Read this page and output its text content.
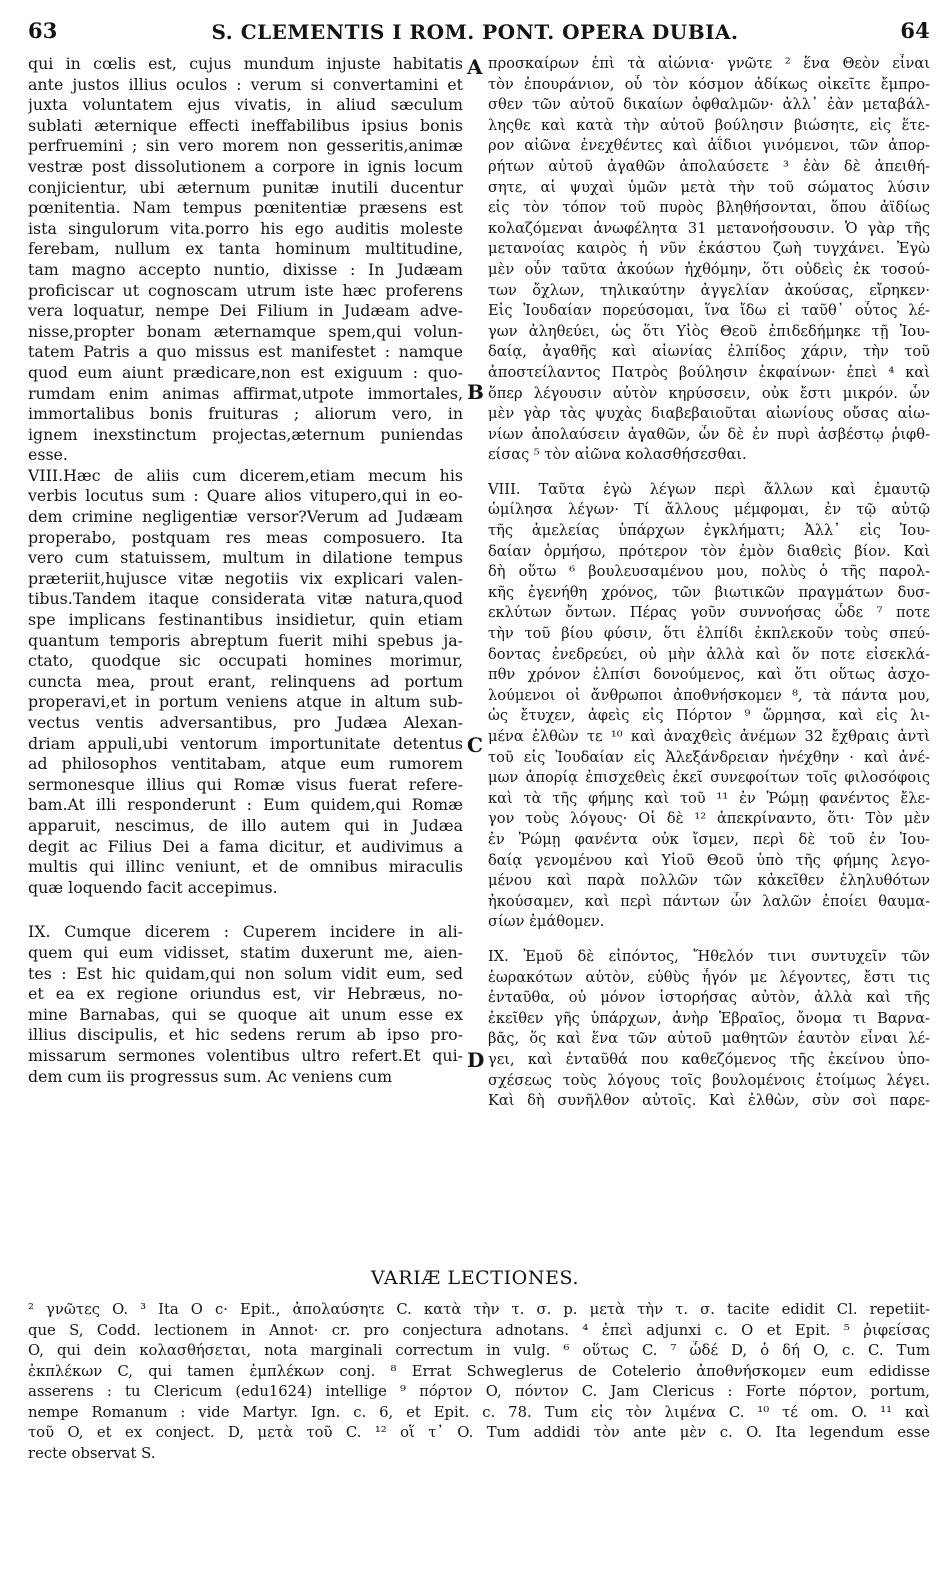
63	S. CLEMENTIS I ROM. PONT. OPERA DUBIA.	64
qui in cœlis est, cujus mundum injuste habitatis
ante justos illius oculos : verum si convertamini et
juxta voluntatem ejus vivatis, in aliud sæculum
sublati æternique effecti ineffabilibus ipsius bonis
perfruemini ; sin vero morem non gesseritis,animæ
vestræ post dissolutionem a corpore in ignis locum
conjicientur, ubi æternum punitæ inutili ducentur
pœnitentia. Nam tempus pœnitentiæ præsens est
ista singulorum vita.porro his ego auditis moleste
ferebam, nullum ex tanta hominum multitudine,
tam magno accepto nuntio, dixisse : In Judæam
proficiscar ut cognoscam utrum iste hæc proferens
vera loquatur, nempe Dei Filium in Judæam adve-
nisse,propter bonam æternamque spem,qui volun-
tatem Patris a quo missus est manifestet : namque
quod eum aiunt prædicare,non est exiguum : quo-
rumdam enim animas affirmat,utpote immortales,
immortalibus bonis fruituras ; aliorum vero, in
ignem inexstinctum projectas,æternum puniendas
esse.
VIII.Hæc de aliis cum dicerem,etiam mecum his
verbis locutus sum : Quare alios vitupero,qui in eo-
dem crimine negligentiæ versor?Verum ad Judæam
properabo, postquam res meas composuero. Ita
vero cum statuissem, multum in dilatione tempus
præteriit,hujusce vitæ negotiis vix explicari valen-
tibus.Tandem itaque considerata vitæ natura,quod
spe implicans festinantibus insidietur, quin etiam
quantum temporis abreptum fuerit mihi spebus ja-
ctato, quodque sic occupati homines morimur,
cuncta mea, prout erant, relinquens ad portum
properavi,et in portum veniens atque in altum sub-
vectus ventis adversantibus, pro Judæa Alexan-
driam appuli,ubi ventorum importunitate detentus
ad philosophos ventitabam, atque eum rumorem
sermonesque illius qui Romæ visus fuerat refere-
bam.At illi responderunt : Eum quidem,qui Romæ
apparuit, nescimus, de illo autem qui in Judæa
degit ac Filius Dei a fama dicitur, et audivimus a
multis qui illinc veniunt, et de omnibus miraculis
quæ loquendo facit accepimus.
IX. Cumque dicerem : Cuperem incidere in ali-
quem qui eum vidisset, statim duxerunt me, aien-
tes : Est hic quidam,qui non solum vidit eum, sed
et ea ex regione oriundus est, vir Hebræus, no-
mine Barnabas, qui se quoque ait unum esse ex
illius discipulis, et hic sedens rerum ab ipso pro-
missarum sermones volentibus ultro refert.Et qui-
dem cum iis progressus sum. Ac veniens cum
προσκαίρων ἐπὶ τὰ αἰώνια· γνῶτε ² ἕνα Θεὸν εἶναι
τὸν ἐπουράνιον, οὗ τὸν κόσμον ἀδίκως οἰκεῖτε ἔμπρο-
σθεν τῶν αὐτοῦ δικαίων ὀφθαλμῶν· ἀλλ᾽ ἐὰν μεταβάλ-
ληςθε καὶ κατὰ τὴν αὐτοῦ βούλησιν βιώσητε, εἰς ἕτε-
ρον αἰῶνα ἐνεχθέντες καὶ ἀΐδιοι γινόμενοι, τῶν ἀπορ-
ρήτων αὐτοῦ ἀγαθῶν ἀπολαύσετε ³ ἐὰν δὲ ἀπειθή-
σητε, αἱ ψυχαὶ ὑμῶν μετὰ τὴν τοῦ σώματος λύσιν
εἰς τὸν τόπον τοῦ πυρὸς βληθήσονται, ὅπου ἀϊδίως
κολαζόμεναι ἀνωφέλητα 31 μετανοήσουσιν. Ὁ γὰρ τῆς
μετανοίας καιρὸς ἡ νῦν ἑκάστου ζωὴ τυγχάνει. Ἐγὼ
μὲν οὖν ταῦτα ἀκούων ἠχθόμην, ὅτι οὐδεὶς ἐκ τοσού-
των ὄχλων, τηλικαύτην ἀγγελίαν ἀκούσας, εἴρηκεν·
Εἰς Ἰουδαίαν πορεύσομαι, ἵνα ἴδω εἰ ταῦθ᾽ οὗτος λέ-
γων ἀληθεύει, ὡς ὅτι Υἱὸς Θεοῦ ἐπιδεδήμηκε τῇ Ἰου-
δαίᾳ, ἀγαθῆς καὶ αἰωνίας ἐλπίδος χάριν, τὴν τοῦ
ἀποστείλαντος Πατρὸς βούλησιν ἐκφαίνων· ἐπεὶ ⁴ καὶ
ὅπερ λέγουσιν αὐτὸν κηρύσσειν, οὐκ ἔστι μικρόν. ὧν
μὲν γὰρ τὰς ψυχὰς διαβεβαιοῦται αἰωνίους οὔσας αἰω-
νίων ἀπολαύσειν ἀγαθῶν, ὧν δὲ ἐν πυρὶ ἀσβέστῳ ῥιφθ-
είσας ⁵ τὸν αἰῶνα κολασθήσεσθαι.
VIII. Ταῦτα ἐγὼ λέγων περὶ ἄλλων καὶ ἐμαυτῷ
ὡμίλησα λέγων· Τί ἄλλους μέμφομαι, ἐν τῷ αὐτῷ
τῆς ἀμελείας ὑπάρχων ἐγκλήματι; Ἀλλ᾽ εἰς Ἰου-
δαίαν ὁρμήσω, πρότερον τὸν ἐμὸν διαθεὶς βίον. Καὶ
δὴ οὕτω ⁶ βουλευσαμένου μου, πολὺς ὁ τῆς παρολ-
κῆς ἐγενήθη χρόνος, τῶν βιωτικῶν πραγμάτων δυσ-
εκλύτων ὄντων. Πέρας γοῦν συννοήσας ὧδε ⁷ ποτε
τὴν τοῦ βίου φύσιν, ὅτι ἐλπίδι ἐκπλεκοῦν τοὺς σπεύ-
δοντας ἐνεδρεύει, οὐ μὴν ἀλλὰ καὶ ὅν ποτε εἰσεκλά-
πθν χρόνον ἐλπίσι δονούμενος, καὶ ὅτι οὕτως ἀσχο-
λούμενοι οἱ ἄνθρωποι ἀποθνήσκομεν ⁸, τὰ πάντα μου,
ὡς ἔτυχεν, ἀφεὶς εἰς Πόρτον ⁹ ὥρμησα, καὶ εἰς λι-
μένα ἐλθὼν τε ¹⁰ καὶ ἀναχθεὶς ἀνέμων 32 ἔχθραις ἀντὶ
τοῦ εἰς Ἰουδαίαν εἰς Ἀλεξάνδρειαν ἠνέχθην · καὶ ἀνέ-
μων ἀπορίᾳ ἐπισχεθεὶς ἐκεῖ συνεφοίτων τοῖς φιλοσόφοις
καὶ τὰ τῆς φήμης καὶ τοῦ ¹¹ ἐν Ῥώμῃ φανέντος ἔλε-
γον τοὺς λόγους· Οἱ δὲ ¹² ἀπεκρίναντο, ὅτι· Τὸν μὲν
ἐν Ῥώμῃ φανέντα οὐκ ἴσμεν, περὶ δὲ τοῦ ἐν Ἰου-
δαίᾳ γενομένου καὶ Υἱοῦ Θεοῦ ὑπὸ τῆς φήμης λεγο-
μένου καὶ παρὰ πολλῶν τῶν κἀκεῖθεν ἐληλυθότων
ἠκούσαμεν, καὶ περὶ πάντων ὧν λαλῶν ἐποίει θαυμα-
σίων ἐμάθομεν.
IX. Ἐμοῦ δὲ εἰπόντος, Ἤθελόν τινι συντυχεῖν τῶν
ἑωρακότων αὐτὸν, εὐθὺς ἦγόν με λέγοντες, ἔστι τις
ἐνταῦθα, οὐ μόνον ἱστορήσας αὐτὸν, ἀλλὰ καὶ τῆς
ἐκεῖθεν γῆς ὑπάρχων, ἀνὴρ Ἑβραῖος, ὄνομα τι Βαρνα-
βᾶς, ὅς καὶ ἕνα τῶν αὐτοῦ μαθητῶν ἑαυτὸν εἶναι λέ-
γει, καὶ ἐνταῦθά που καθεζόμενος τῆς ἐκείνου ὑπο-
σχέσεως τοὺς λόγους τοῖς βουλομένοις ἑτοίμως λέγει.
Καὶ δὴ συνῆλθον αὐτοῖς. Καὶ ἐλθὼν, σὺν σοὶ παρε-
A
B
C
D
VARIÆ LECTIONES.
² γνῶτες O. ³ Ita O c· Epit., ἀπολαύσητε C. κατὰ τὴν τ. σ. p. μετὰ τὴν τ. σ. tacite edidit Cl. repetiit-
que S, Codd. lectionem in Annot· cr. pro conjectura adnotans. ⁴ ἐπεὶ adjunxi c. O et Epit. ⁵ ῥιφείσας
O, qui dein κολασθήσεται, nota marginali correctum in vulg. ⁶ οὕτως C. ⁷ ὧδέ D, ὁ δή O, c. C. Tum
ἐκπλέκων C, qui tamen ἐμπλέκων conj. ⁸ Errat Schweglerus de Cotelerio ἀποθνήσκομεν eum edidisse
asserens : tu Clericum (edu1624) intellige ⁹ πόρτον O, πόντον C. Jam Clericus : Forte πόρτον, portum,
nempe Romanum : vide Martyr. Ign. c. 6, et Epit. c. 78. Tum εἰς τὸν λιμένα C. ¹⁰ τέ om. O. ¹¹ καὶ
τοῦ O, et ex conject. D, μετὰ τοῦ C. ¹² οἵ τ᾽ O. Tum addidi τὸν ante μὲν c. O. Ita legendum esse
recte observat S.
